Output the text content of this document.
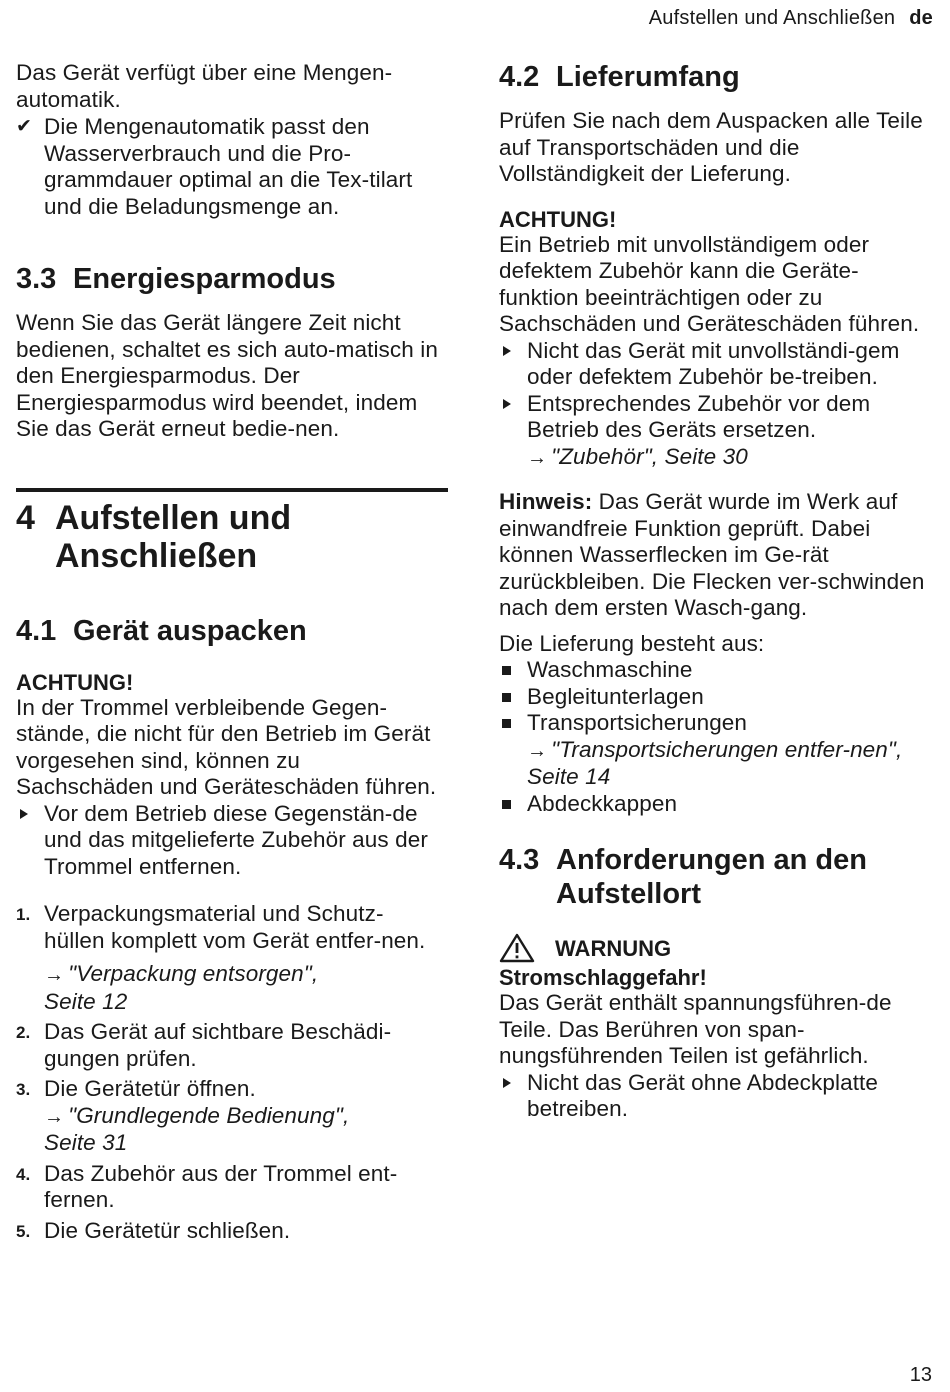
Aufstellen und Anschließen de

Das Gerät verfügt über eine Mengen-automatik.

✔ Die Mengenautomatik passt den Wasserverbrauch und die Pro-grammdauer optimal an die Tex-tilart und die Beladungsmenge an.
3.3 Energiesparmodus

Wenn Sie das Gerät längere Zeit nicht bedienen, schaltet es sich auto-matisch in den Energiesparmodus. Der Energiesparmodus wird beendet, indem Sie das Gerät erneut bedie-nen.

4 Aufstellen und
Anschließen
4.1 Gerät auspacken
ACHTUNG!

In der Trommel verbleibende Gegen-stände, die nicht für den Betrieb im Gerät vorgesehen sind, können zu Sachschäden und Geräteschäden führen.

Vor dem Betrieb diese Gegenstän-de und das mitgelieferte Zubehör aus der Trommel entfernen.
1. Verpackungsmaterial und Schutz-hüllen komplett vom Gerät entfer-nen.
→ "Verpackung entsorgen", Seite 12
2. Das Gerät auf sichtbare Beschädi-gungen prüfen.
3. Die Gerätetür öffnen.
→ "Grundlegende Bedienung", Seite 31
4. Das Zubehör aus der Trommel ent-fernen.
5. Die Gerätetür schließen.
4.2 Lieferumfang

Prüfen Sie nach dem Auspacken alle Teile auf Transportschäden und die Vollständigkeit der Lieferung.

ACHTUNG!

Ein Betrieb mit unvollständigem oder defektem Zubehör kann die Geräte-funktion beeinträchtigen oder zu Sachschäden und Geräteschäden führen.

Nicht das Gerät mit unvollständi-gem oder defektem Zubehör be-treiben.
Entsprechendes Zubehör vor dem Betrieb des Geräts ersetzen.
→ "Zubehör", Seite 30

Hinweis: Das Gerät wurde im Werk auf einwandfreie Funktion geprüft. Dabei können Wasserflecken im Ge-rät zurückbleiben. Die Flecken ver-schwinden nach dem ersten Wasch-gang.

Die Lieferung besteht aus:

Waschmaschine
Begleitunterlagen
Transportsicherungen
→ "Transportsicherungen entfer-nen", Seite 14
Abdeckkappen
4.3 Anforderungen an den
Aufstellort
WARNUNG
Stromschlaggefahr!

Das Gerät enthält spannungsführen-de Teile. Das Berühren von span-nungsführenden Teilen ist gefährlich.

Nicht das Gerät ohne Abdeckplatte betreiben.
13
